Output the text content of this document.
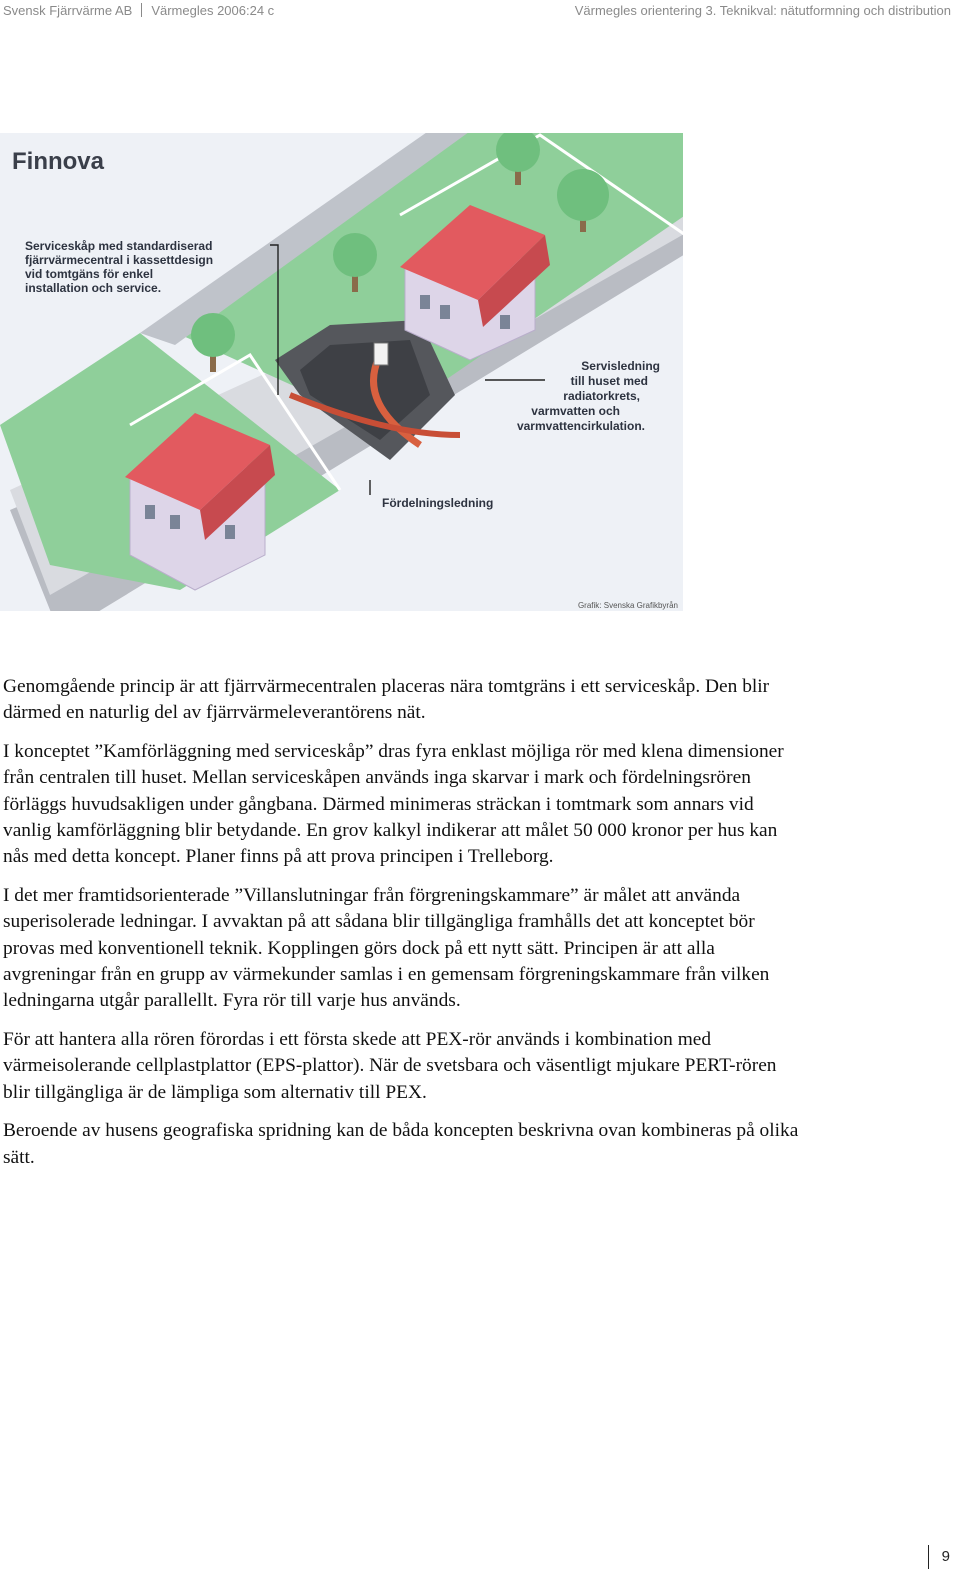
Svensk Fjärrvärme AB Värmegles 2006:24 c	Värmegles orientering 3. Teknikval: nätutformning och distribution
Finnova
Serviceskåp med standardiserad
fjärrvärmecentral i kassettdesign
vid tomtgäns för enkel
installation och service.
Servisledning
till huset med
radiatorkrets,
varmvatten och
varmvattencirkulation.
Fördelningsledning
Grafik: Svenska Grafikbyrån

Genomgående princip är att fjärrvärmecentralen placeras nära tomtgräns i ett serviceskåp. Den blir därmed en naturlig del av fjärrvärmeleverantörens nät.

I konceptet ”Kamförläggning med serviceskåp” dras fyra enklast möjliga rör med klena dimensioner från centralen till huset. Mellan serviceskåpen används inga skarvar i mark och fördelningsrören förläggs huvudsakligen under gångbana. Därmed minimeras sträckan i tomtmark som annars vid vanlig kamförläggning blir betydande. En grov kalkyl indikerar att målet 50 000 kronor per hus kan nås med detta koncept. Planer finns på att prova principen i Trelleborg.

I det mer framtidsorienterade ”Villanslutningar från förgreningskammare” är målet att använda superisolerade ledningar. I avvaktan på att sådana blir tillgängliga framhålls det att konceptet bör provas med konventionell teknik. Kopplingen görs dock på ett nytt sätt. Principen är att alla avgreningar från en grupp av värmekunder samlas i en gemensam förgreningskammare från vilken ledningarna utgår parallellt. Fyra rör till varje hus används.

För att hantera alla rören förordas i ett första skede att PEX-rör används i kombination med värmeisolerande cellplastplattor (EPS-plattor). När de svetsbara och väsentligt mjukare PERT-rören blir tillgängliga är de lämpliga som alternativ till PEX.

Beroende av husens geografiska spridning kan de båda koncepten beskrivna ovan kombineras på olika sätt.

9
